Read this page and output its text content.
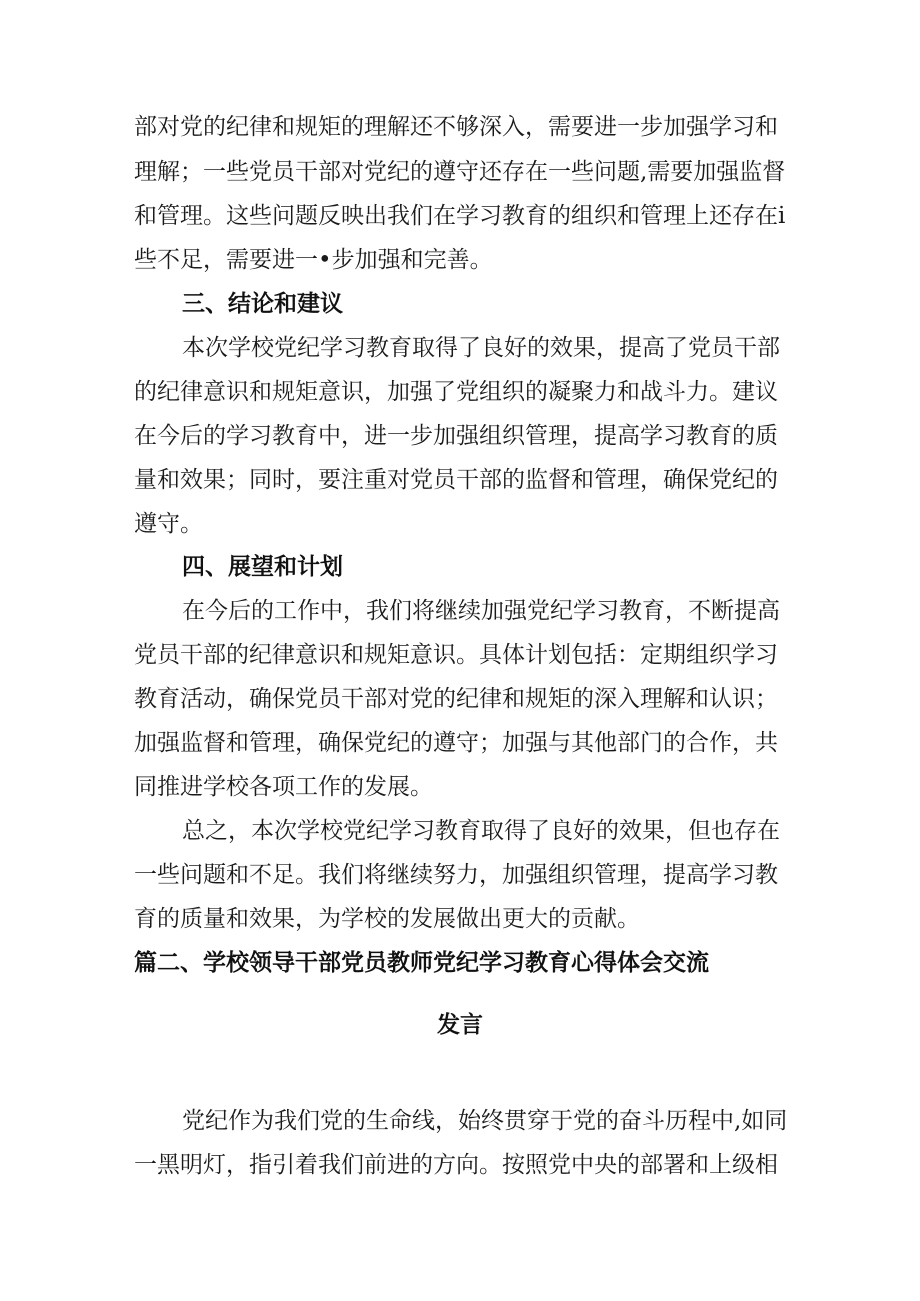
部对党的纪律和规矩的理解还不够深入，需要进一步加强学习和
理解；一些党员干部对党纪的遵守还存在一些问题,需要加强监督
和管理。这些问题反映出我们在学习教育的组织和管理上还存在i
些不足，需要进一•步加强和完善。
三、结论和建议
本次学校党纪学习教育取得了良好的效果，提高了党员干部
的纪律意识和规矩意识，加强了党组织的凝聚力和战斗力。建议
在今后的学习教育中，进一步加强组织管理，提高学习教育的质
量和效果；同时，要注重对党员干部的监督和管理，确保党纪的
遵守。
四、展望和计划
在今后的工作中，我们将继续加强党纪学习教育，不断提高
党员干部的纪律意识和规矩意识。具体计划包括：定期组织学习
教育活动，确保党员干部对党的纪律和规矩的深入理解和认识；
加强监督和管理，确保党纪的遵守；加强与其他部门的合作，共
同推进学校各项工作的发展。
总之，本次学校党纪学习教育取得了良好的效果，但也存在
一些问题和不足。我们将继续努力，加强组织管理，提高学习教
育的质量和效果，为学校的发展做出更大的贡献。
篇二、学校领导干部党员教师党纪学习教育心得体会交流
发言
党纪作为我们党的生命线，始终贯穿于党的奋斗历程中,如同
一黑明灯，指引着我们前进的方向。按照党中央的部署和上级相
